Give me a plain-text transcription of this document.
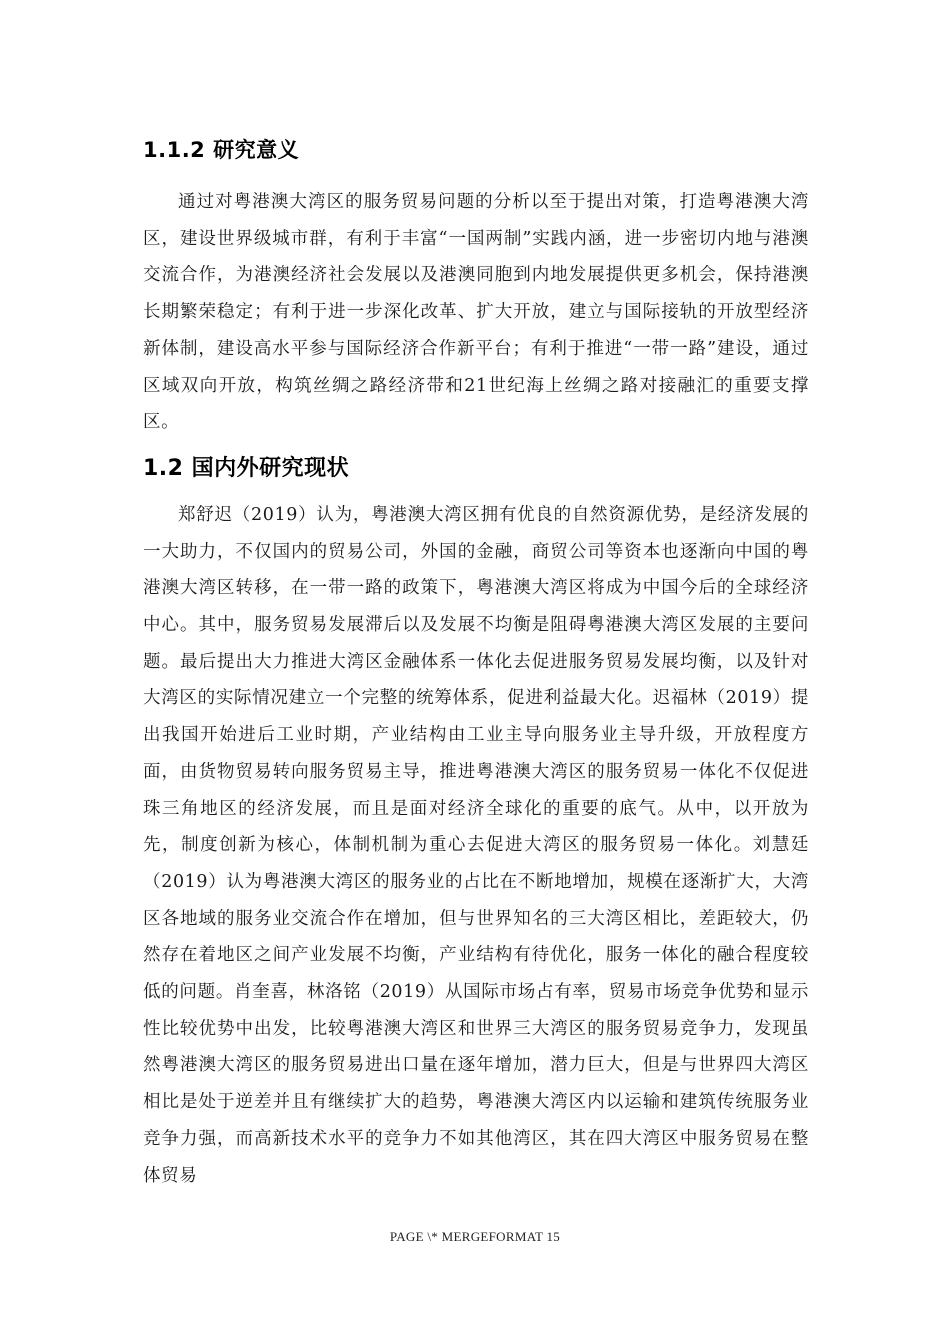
1.1.2 研究意义

通过对粤港澳大湾区的服务贸易问题的分析以至于提出对策，打造粤港澳大湾区，建设世界级城市群，有利于丰富“一国两制”实践内涵，进一步密切内地与港澳交流合作，为港澳经济社会发展以及港澳同胞到内地发展提供更多机会，保持港澳长期繁荣稳定；有利于进一步深化改革、扩大开放，建立与国际接轨的开放型经济新体制，建设高水平参与国际经济合作新平台；有利于推进“一带一路”建设，通过区域双向开放，构筑丝绸之路经济带和21世纪海上丝绸之路对接融汇的重要支撑区。

1.2 国内外研究现状

郑舒迟（2019）认为，粤港澳大湾区拥有优良的自然资源优势，是经济发展的一大助力，不仅国内的贸易公司，外国的金融，商贸公司等资本也逐渐向中国的粤港澳大湾区转移，在一带一路的政策下，粤港澳大湾区将成为中国今后的全球经济中心。其中，服务贸易发展滞后以及发展不均衡是阻碍粤港澳大湾区发展的主要问题。最后提出大力推进大湾区金融体系一体化去促进服务贸易发展均衡，以及针对大湾区的实际情况建立一个完整的统筹体系，促进利益最大化。迟福林（2019）提出我国开始进后工业时期，产业结构由工业主导向服务业主导升级，开放程度方面，由货物贸易转向服务贸易主导，推进粤港澳大湾区的服务贸易一体化不仅促进珠三角地区的经济发展，而且是面对经济全球化的重要的底气。从中，以开放为先，制度创新为核心，体制机制为重心去促进大湾区的服务贸易一体化。刘慧廷（2019）认为粤港澳大湾区的服务业的占比在不断地增加，规模在逐渐扩大，大湾区各地域的服务业交流合作在增加，但与世界知名的三大湾区相比，差距较大，仍然存在着地区之间产业发展不均衡，产业结构有待优化，服务一体化的融合程度较低的问题。肖奎喜，林洛铭（2019）从国际市场占有率，贸易市场竞争优势和显示性比较优势中出发，比较粤港澳大湾区和世界三大湾区的服务贸易竞争力，发现虽然粤港澳大湾区的服务贸易进出口量在逐年增加，潜力巨大，但是与世界四大湾区相比是处于逆差并且有继续扩大的趋势，粤港澳大湾区内以运输和建筑传统服务业竞争力强，而高新技术水平的竞争力不如其他湾区，其在四大湾区中服务贸易在整体贸易

PAGE \* MERGEFORMAT 15
